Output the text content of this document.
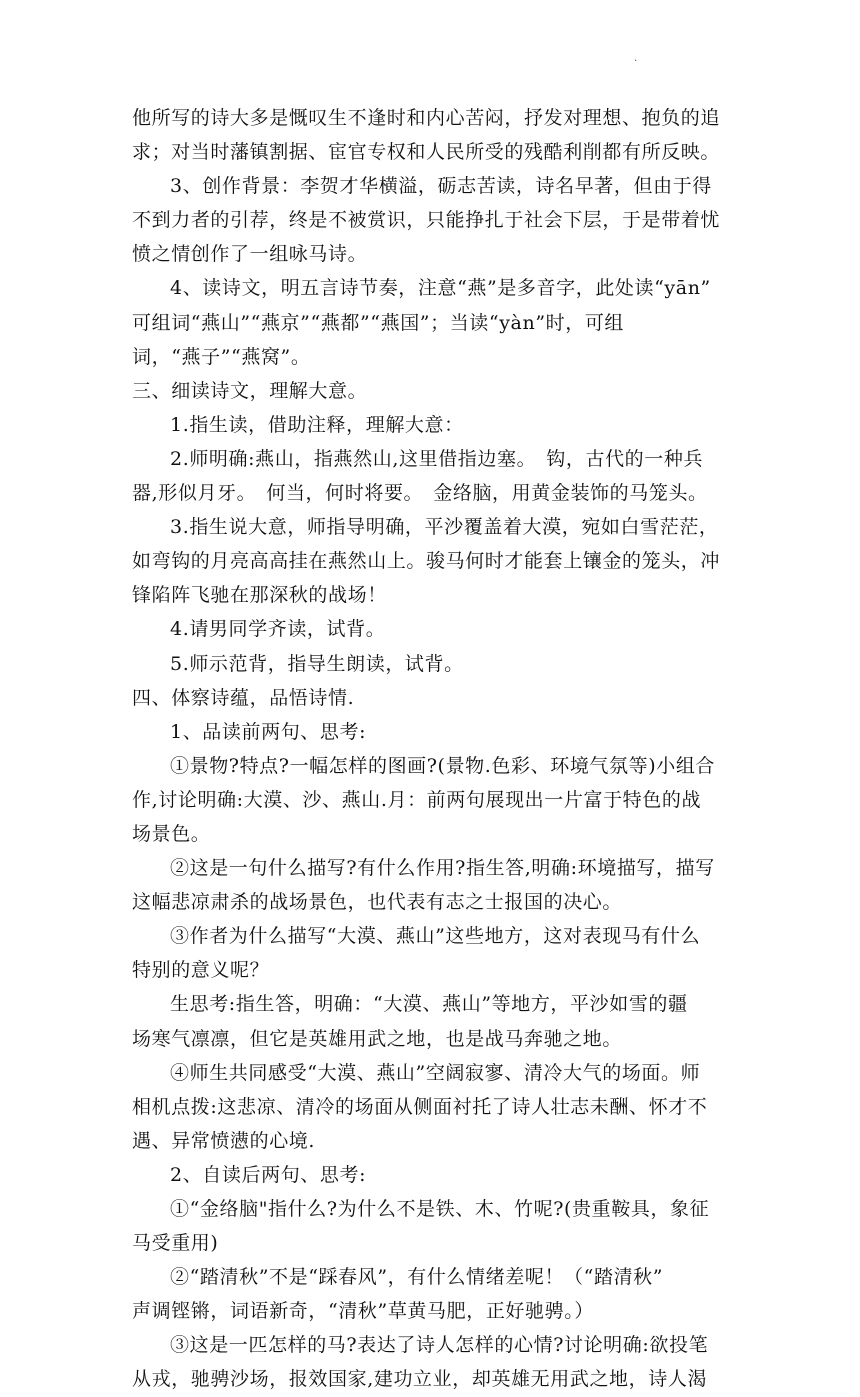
·
他所写的诗大多是慨叹生不逢时和内心苦闷，抒发对理想、抱负的追
求；对当时藩镇割据、宦官专权和人民所受的残酷利削都有所反映。
3、创作背景：李贺才华横溢，砺志苦读，诗名早著，但由于得
不到力者的引荐，终是不被赏识，只能挣扎于社会下层，于是带着忧
愤之情创作了一组咏马诗。
4、读诗文，明五言诗节奏，注意“燕”是多音字，此处读“yān”
可组词“燕山”“燕京”“燕都”“燕国”；当读“yàn”时，可组
词，“燕子”“燕窝”。
三、细读诗文，理解大意。
1.指生读，借助注释，理解大意：
2.师明确:燕山，指燕然山,这里借指边塞。　钩，古代的一种兵
器,形似月牙。　何当，何时将要。　金络脑，用黄金装饰的马笼头。
3.指生说大意，师指导明确，平沙覆盖着大漠，宛如白雪茫茫，
如弯钩的月亮高高挂在燕然山上。骏马何时才能套上镶金的笼头，冲
锋陷阵飞驰在那深秋的战场！
4.请男同学齐读，试背。
5.师示范背，指导生朗读，试背。
四、体察诗蕴，品悟诗情.
1、品读前两句、思考:
①景物?特点?一幅怎样的图画?(景物.色彩、环境气氛等)小组合
作,讨论明确:大漠、沙、燕山.月：前两句展现出一片富于特色的战
场景色。
②这是一句什么描写?有什么作用?指生答,明确:环境描写，描写
这幅悲凉肃杀的战场景色，也代表有志之士报国的决心。
③作者为什么描写“大漠、燕山”这些地方，这对表现马有什么
特别的意义呢？
生思考:指生答，明确：“大漠、燕山”等地方，平沙如雪的疆
场寒气凛凛，但它是英雄用武之地，也是战马奔驰之地。
④师生共同感受“大漠、燕山”空阔寂寥、清冷大气的场面。师
相机点拨:这悲凉、清冷的场面从侧面衬托了诗人壮志未酬、怀才不
遇、异常愤懑的心境.
2、自读后两句、思考:
①“金络脑"指什么?为什么不是铁、木、竹呢?(贵重鞍具，象征
马受重用)
②“踏清秋”不是“踩春风”，有什么情绪差呢！（“踏清秋”
声调铿锵，词语新奇，“清秋”草黄马肥，正好驰骋。）
③这是一匹怎样的马?表达了诗人怎样的心情?讨论明确:欲投笔
从戎，驰骋沙场，报效国家,建功立业，却英雄无用武之地，诗人渴
